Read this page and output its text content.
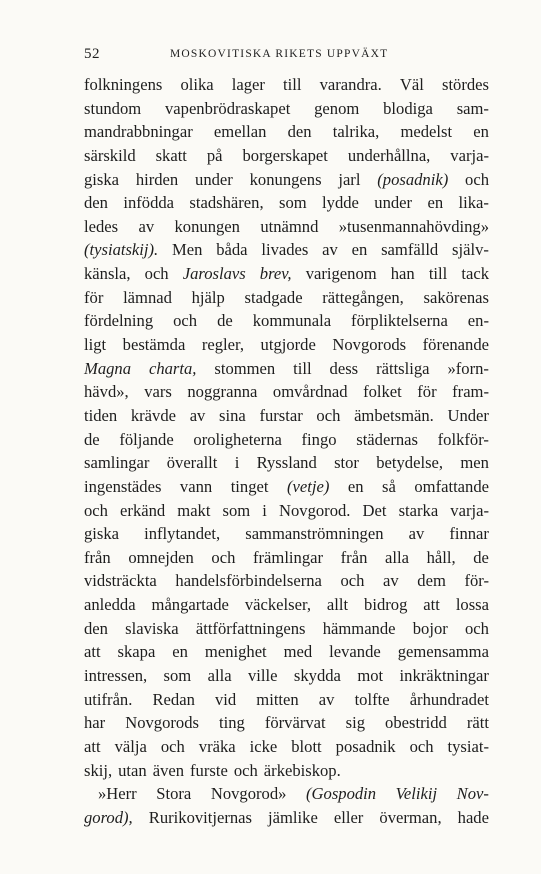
52	MOSKOVITISKA RIKETS UPPVÄXT
folkningens olika lager till varandra. Väl stördes
stundom vapenbrödraskapet genom blodiga sam-
mandrabbningar emellan den talrika, medelst en
särskild skatt på borgerskapet underhållna, varja-
giska hirden under konungens jarl (posadnik) och
den infödda stadshären, som lydde under en lika-
ledes av konungen utnämnd »tusenmannahövding»
(tysiatskij). Men båda livades av en samfälld själv-
känsla, och Jaroslavs brev, varigenom han till tack
för lämnad hjälp stadgade rättegången, sakörenas
fördelning och de kommunala förpliktelserna en-
ligt bestämda regler, utgjorde Novgorods förenande
Magna charta, stommen till dess rättsliga »forn-
hävd», vars noggranna omvårdnad folket för fram-
tiden krävde av sina furstar och ämbetsmän. Under
de följande oroligheterna fingo städernas folkför-
samlingar överallt i Ryssland stor betydelse, men
ingenstädes vann tinget (vetje) en så omfattande
och erkänd makt som i Novgorod. Det starka varja-
giska inflytandet, sammanströmningen av finnar
från omnejden och främlingar från alla håll, de
vidsträckta handelsförbindelserna och av dem för-
anledda mångartade väckelser, allt bidrog att lossa
den slaviska ättförfattningens hämmande bojor och
att skapa en menighet med levande gemensamma
intressen, som alla ville skydda mot inkräktningar
utifrån. Redan vid mitten av tolfte århundradet
har Novgorods ting förvärvat sig obestridd rätt
att välja och vräka icke blott posadnik och tysiat-
skij, utan även furste och ärkebiskop.
»Herr Stora Novgorod» (Gospodin Velikij Nov-
gorod), Rurikovitjernas jämlike eller överman, hade
